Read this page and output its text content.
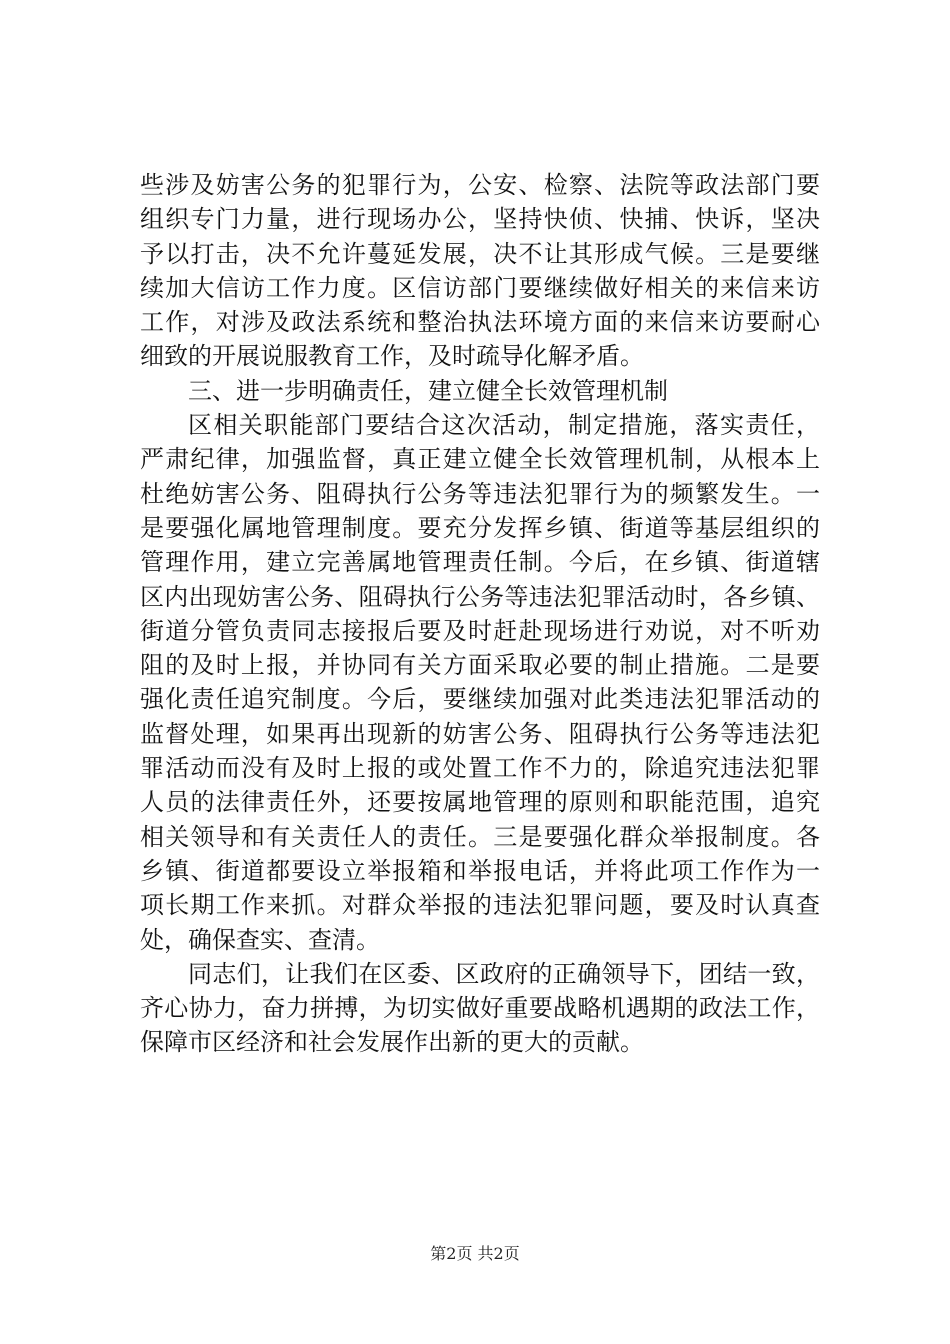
些涉及妨害公务的犯罪行为，公安、检察、法院等政法部门要
组织专门力量，进行现场办公，坚持快侦、快捕、快诉，坚决
予以打击，决不允许蔓延发展，决不让其形成气候。三是要继
续加大信访工作力度。区信访部门要继续做好相关的来信来访
工作，对涉及政法系统和整治执法环境方面的来信来访要耐心
细致的开展说服教育工作，及时疏导化解矛盾。
三、进一步明确责任，建立健全长效管理机制
区相关职能部门要结合这次活动，制定措施，落实责任，
严肃纪律，加强监督，真正建立健全长效管理机制，从根本上
杜绝妨害公务、阻碍执行公务等违法犯罪行为的频繁发生。一
是要强化属地管理制度。要充分发挥乡镇、街道等基层组织的
管理作用，建立完善属地管理责任制。今后，在乡镇、街道辖
区内出现妨害公务、阻碍执行公务等违法犯罪活动时，各乡镇、
街道分管负责同志接报后要及时赶赴现场进行劝说，对不听劝
阻的及时上报，并协同有关方面采取必要的制止措施。二是要
强化责任追究制度。今后，要继续加强对此类违法犯罪活动的
监督处理，如果再出现新的妨害公务、阻碍执行公务等违法犯
罪活动而没有及时上报的或处置工作不力的，除追究违法犯罪
人员的法律责任外，还要按属地管理的原则和职能范围，追究
相关领导和有关责任人的责任。三是要强化群众举报制度。各
乡镇、街道都要设立举报箱和举报电话，并将此项工作作为一
项长期工作来抓。对群众举报的违法犯罪问题，要及时认真查
处，确保查实、查清。
同志们，让我们在区委、区政府的正确领导下，团结一致，
齐心协力，奋力拼搏，为切实做好重要战略机遇期的政法工作，
保障市区经济和社会发展作出新的更大的贡献。
第2页 共2页
